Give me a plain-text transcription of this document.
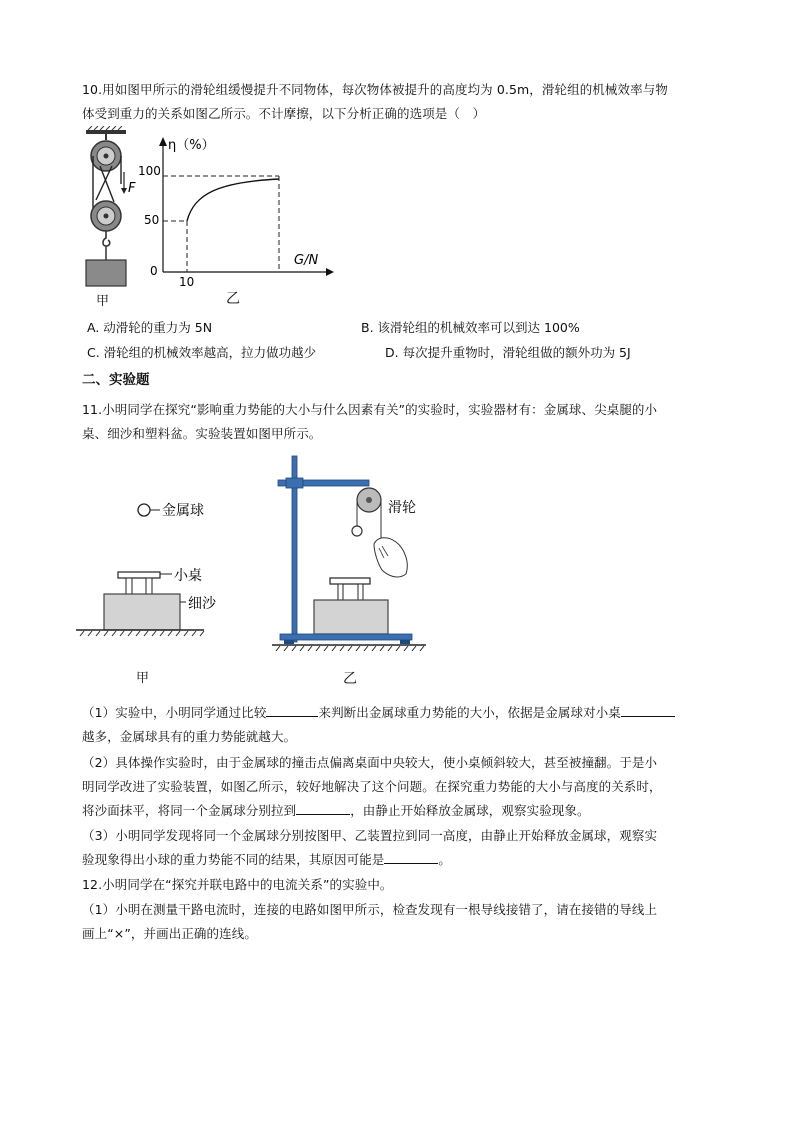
10.用如图甲所示的滑轮组缓慢提升不同物体，每次物体被提升的高度均为 0.5m，滑轮组的机械效率与物
体受到重力的关系如图乙所示。不计摩擦，以下分析正确的选项是（　）
F
甲
η（%）
G/N
100
50
0
10
乙
A. 动滑轮的重力为 5N	B. 该滑轮组的机械效率可以到达 100%
C. 滑轮组的机械效率越高，拉力做功越少	D. 每次提升重物时，滑轮组做的额外功为 5J
二、实验题
11.小明同学在探究“影响重力势能的大小与什么因素有关”的实验时，实验器材有：金属球、尖桌腿的小
桌、细沙和塑料盆。实验装置如图甲所示。
金属球
小桌
细沙
甲
滑轮
乙
（1）实验中，小明同学通过比较	来判断出金属球重力势能的大小，依据是金属球对小桌
越多，金属球具有的重力势能就越大。
（2）具体操作实验时，由于金属球的撞击点偏离桌面中央较大，使小桌倾斜较大，甚至被撞翻。于是小
明同学改进了实验装置，如图乙所示，较好地解决了这个问题。在探究重力势能的大小与高度的关系时，
将沙面抹平，将同一个金属球分别拉到	，由静止开始释放金属球，观察实验现象。
（3）小明同学发现将同一个金属球分别按图甲、乙装置拉到同一高度，由静止开始释放金属球，观察实
验现象得出小球的重力势能不同的结果，其原因可能是	。
12.小明同学在“探究并联电路中的电流关系”的实验中。
（1）小明在测量干路电流时，连接的电路如图甲所示，检查发现有一根导线接错了，请在接错的导线上
画上“×”，并画出正确的连线。
